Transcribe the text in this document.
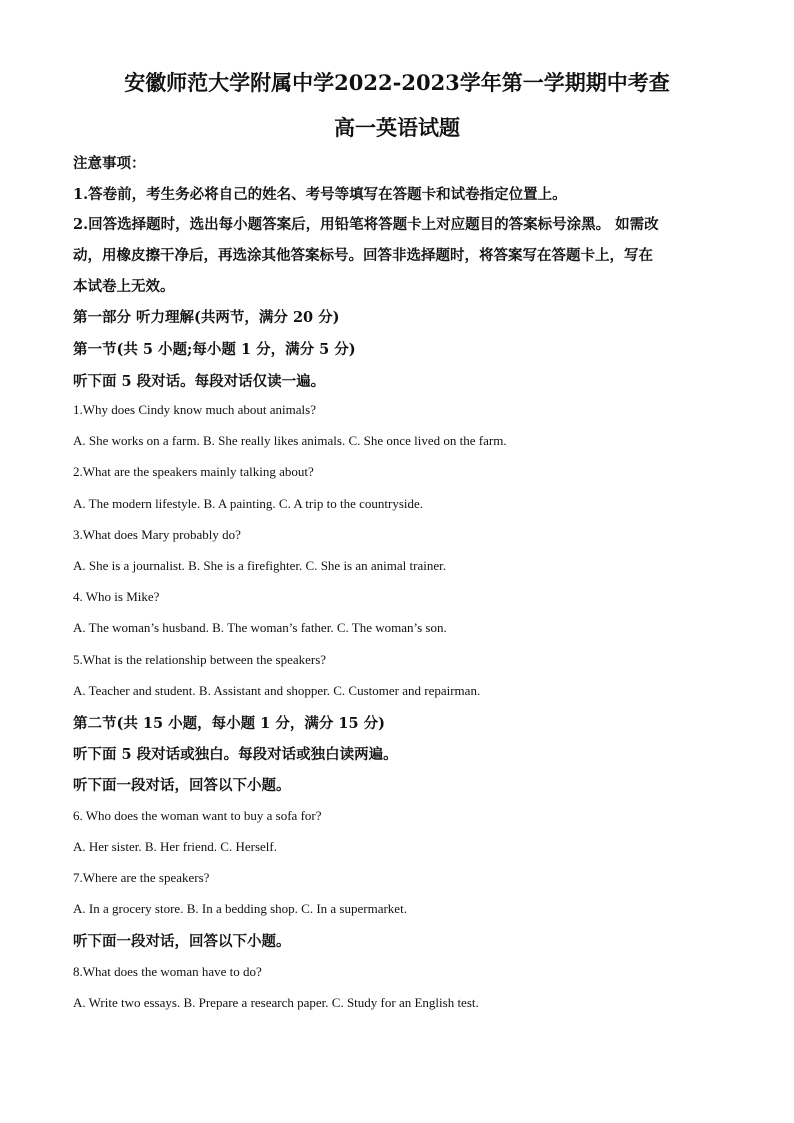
安徽师范大学附属中学2022-2023学年第一学期期中考查
高一英语试题
注意事项：
1.答卷前，考生务必将自己的姓名、考号等填写在答题卡和试卷指定位置上。
2.回答选择题时，选出每小题答案后，用铅笔将答题卡上对应题目的答案标号涂黑。 如需改
动，用橡皮擦干净后，再选涂其他答案标号。回答非选择题时，将答案写在答题卡上，写在
本试卷上无效。
第一部分 听力理解(共两节，满分 20 分)
第一节(共 5 小题;每小题 1 分，满分 5 分)
听下面 5 段对话。每段对话仅读一遍。
1.Why does Cindy know much about animals?
A. She works on a farm. B. She really likes animals. C. She once lived on the farm.
2.What are the speakers mainly talking about?
A. The modern lifestyle. B. A painting. C. A trip to the countryside.
3.What does Mary probably do?
A. She is a journalist. B. She is a firefighter. C. She is an animal trainer.
4. Who is Mike?
A. The woman’s husband. B. The woman’s father. C. The woman’s son.
5.What is the relationship between the speakers?
A. Teacher and student. B. Assistant and shopper. C. Customer and repairman.
第二节(共 15 小题，每小题 1 分，满分 15 分)
听下面 5 段对话或独白。每段对话或独白读两遍。
听下面一段对话，回答以下小题。
6. Who does the woman want to buy a sofa for?
A. Her sister. B. Her friend. C. Herself.
7.Where are the speakers?
A. In a grocery store. B. In a bedding shop. C. In a supermarket.
听下面一段对话，回答以下小题。
8.What does the woman have to do?
A. Write two essays. B. Prepare a research paper. C. Study for an English test.
